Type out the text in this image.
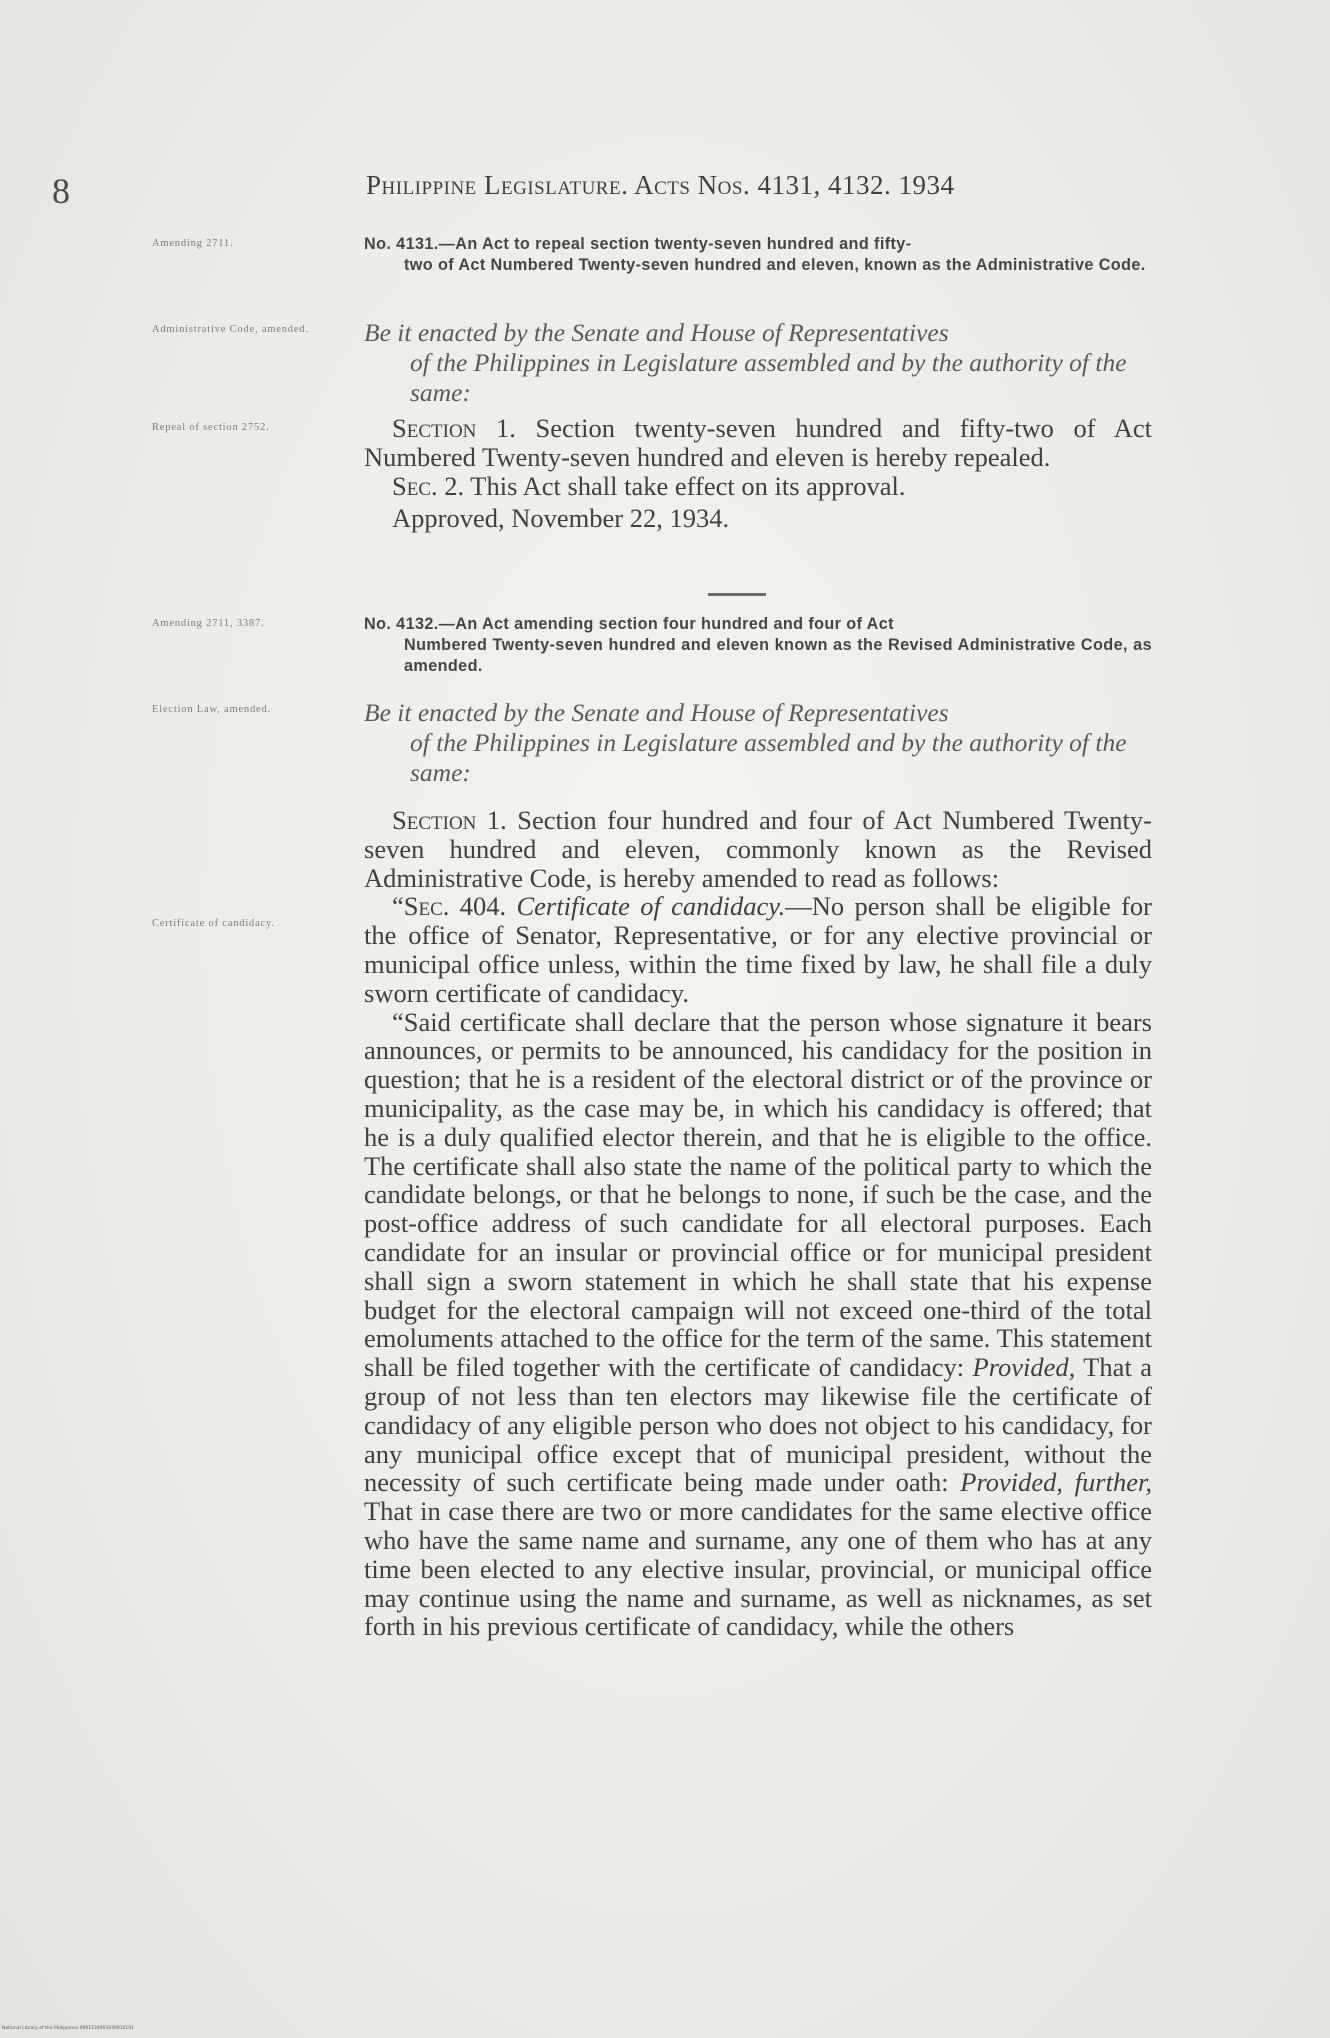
8	Philippine Legislature. Acts Nos. 4131, 4132. 1934
Amending 2711.	No. 4131.—An Act to repeal section twenty-seven hundred and fifty-
two of Act Numbered Twenty-seven hundred and eleven, known as the Administrative Code.
Administrative Code, amended.	Be it enacted by the Senate and House of Representatives
of the Philippines in Legislature assembled and by the authority of the same:
Repeal of section 2752.	Section 1. Section twenty-seven hundred and fifty-two of Act Numbered Twenty-seven hundred and eleven is hereby repealed.

Sec. 2. This Act shall take effect on its approval.

Approved, November 22, 1934.

Amending 2711, 3387.	No. 4132.—An Act amending section four hundred and four of Act
Numbered Twenty-seven hundred and eleven known as the Revised Administrative Code, as amended.
Election Law, amended.	Be it enacted by the Senate and House of Representatives
of the Philippines in Legislature assembled and by the authority of the same:
Certificate of candidacy.

Section 1. Section four hundred and four of Act Numbered Twenty-seven hundred and eleven, commonly known as the Revised Administrative Code, is hereby amended to read as follows:

“Sec. 404. Certificate of candidacy.—No person shall be eligible for the office of Senator, Representative, or for any elective provincial or municipal office unless, within the time fixed by law, he shall file a duly sworn certificate of candidacy.

“Said certificate shall declare that the person whose signature it bears announces, or permits to be announced, his candidacy for the position in question; that he is a resident of the electoral district or of the province or municipality, as the case may be, in which his candidacy is offered; that he is a duly qualified elector therein, and that he is eligible to the office. The certificate shall also state the name of the political party to which the candidate belongs, or that he belongs to none, if such be the case, and the post-office address of such candidate for all electoral purposes. Each candidate for an insular or provincial office or for municipal president shall sign a sworn statement in which he shall state that his expense budget for the electoral campaign will not exceed one-third of the total emoluments attached to the office for the term of the same. This statement shall be filed together with the certificate of candidacy: Provided, That a group of not less than ten electors may likewise file the certificate of candidacy of any eligible person who does not object to his candidacy, for any municipal office except that of municipal president, without the necessity of such certificate being made under oath: Provided, further, That in case there are two or more candidates for the same elective office who have the same name and surname, any one of them who has at any time been elected to any elective insular, provincial, or municipal office may continue using the name and surname, as well as nicknames, as set forth in his previous certificate of candidacy, while the others

National Library of the Philippines 0001234003030010101
